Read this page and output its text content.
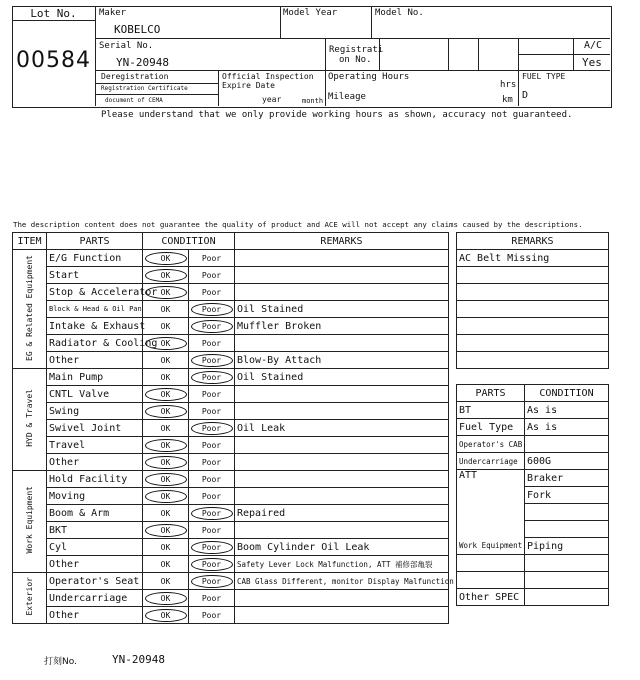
Lot No.
00584
Maker
KOBELCO
Model Year	Model No.
Serial No.
YN-20948
Registrati
on No.
A/C
Yes
Deregistration
Registration Certificate
document of CEMA
Official Inspection
Expire Date
year	month
Operating Hours
hrs
Mileage	km
FUEL TYPE
D
Please understand that we only provide working hours as shown, accuracy not guaranteed.
The description content does not guarantee the quality of product and ACE will not accept any claims caused by the descriptions.
ITEM	PARTS	CONDITION		REMARKS
EG & Related Equipment	E/G Function	OK	Poor	
	Start	OK	Poor	
	Stop & Accelerator	OK	Poor	
	Block & Head & Oil Pan	OK	Poor	Oil Stained
	Intake & Exhaust	OK	Poor	Muffler Broken
	Radiator & Cooling	OK	Poor	
	Other	OK	Poor	Blow-By Attach
HYD & Travel	Main Pump	OK	Poor	Oil Stained
	CNTL Valve	OK	Poor	
	Swing	OK	Poor	
	Swivel Joint	OK	Poor	Oil Leak
	Travel	OK	Poor	
	Other	OK	Poor	
Work Equipment	Hold Facility	OK	Poor	
	Moving	OK	Poor	
	Boom & Arm	OK	Poor	Repaired
	BKT	OK	Poor	
	Cyl	OK	Poor	Boom Cylinder Oil Leak
	Other	OK	Poor	Safety Lever Lock Malfunction, ATT 補修部亀裂
Exterior	Operator's Seat	OK	Poor	CAB Glass Different, monitor Display Malfunction
	Undercarriage	OK	Poor	
	Other	OK	Poor	
REMARKS
AC Belt Missing

PARTS	CONDITION
BT	As is
Fuel Type	As is
Operator's CAB	
Undercarriage	600G
ATT	Braker
	Fork

Work Equipment	Piping

Other SPEC	
打刻No.	YN-20948
